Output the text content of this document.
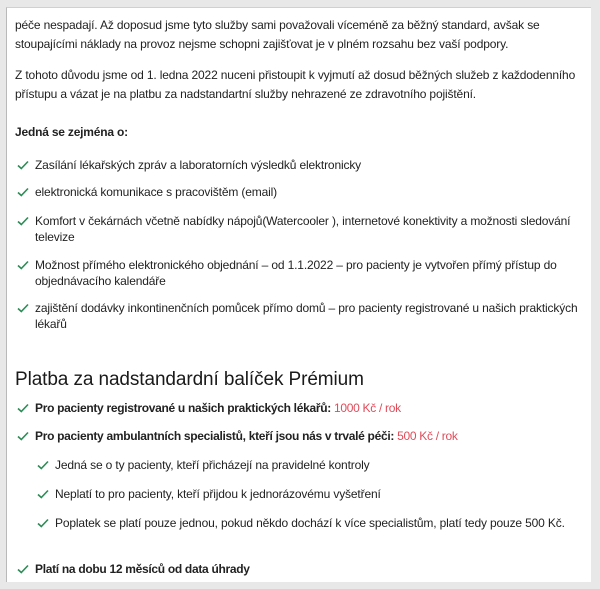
péče nespadají. Až doposud jsme tyto služby sami považovali víceméně za běžný standard, avšak se stoupajícími náklady na provoz nejsme schopni zajišťovat je v plném rozsahu bez vaší podpory.

Z tohoto důvodu jsme od 1. ledna 2022 nuceni přistoupit k vyjmutí až dosud běžných služeb z každodenního přístupu a vázat je na platbu za nadstandartní služby nehrazené ze zdravotního pojištění.

Jedná se zejména o:
Zasílání lékařských zpráv a laboratorních výsledků elektronicky
elektronická komunikace s pracovištěm (email)
Komfort v čekárnách včetně nabídky nápojů(Watercooler ), internetové konektivity a možnosti sledování televize
Možnost přímého elektronického objednání – od 1.1.2022 – pro pacienty je vytvořen přímý přístup do objednávacího kalendáře
zajištění dodávky inkontinenčních pomůcek přímo domů – pro pacienty registrované u našich praktických lékařů
Platba za nadstandardní balíček Prémium
Pro pacienty registrované u našich praktických lékařů: 1000 Kč / rok
Pro pacienty ambulantních specialistů, kteří jsou nás v trvalé péči: 500 Kč / rok
Jedná se o ty pacienty, kteří přicházejí na pravidelné kontroly
Neplatí to pro pacienty, kteří přijdou k jednorázovému vyšetření
Poplatek se platí pouze jednou, pokud někdo dochází k více specialistům, platí tedy pouze 500 Kč.
Platí na dobu 12 měsíců od data úhrady
